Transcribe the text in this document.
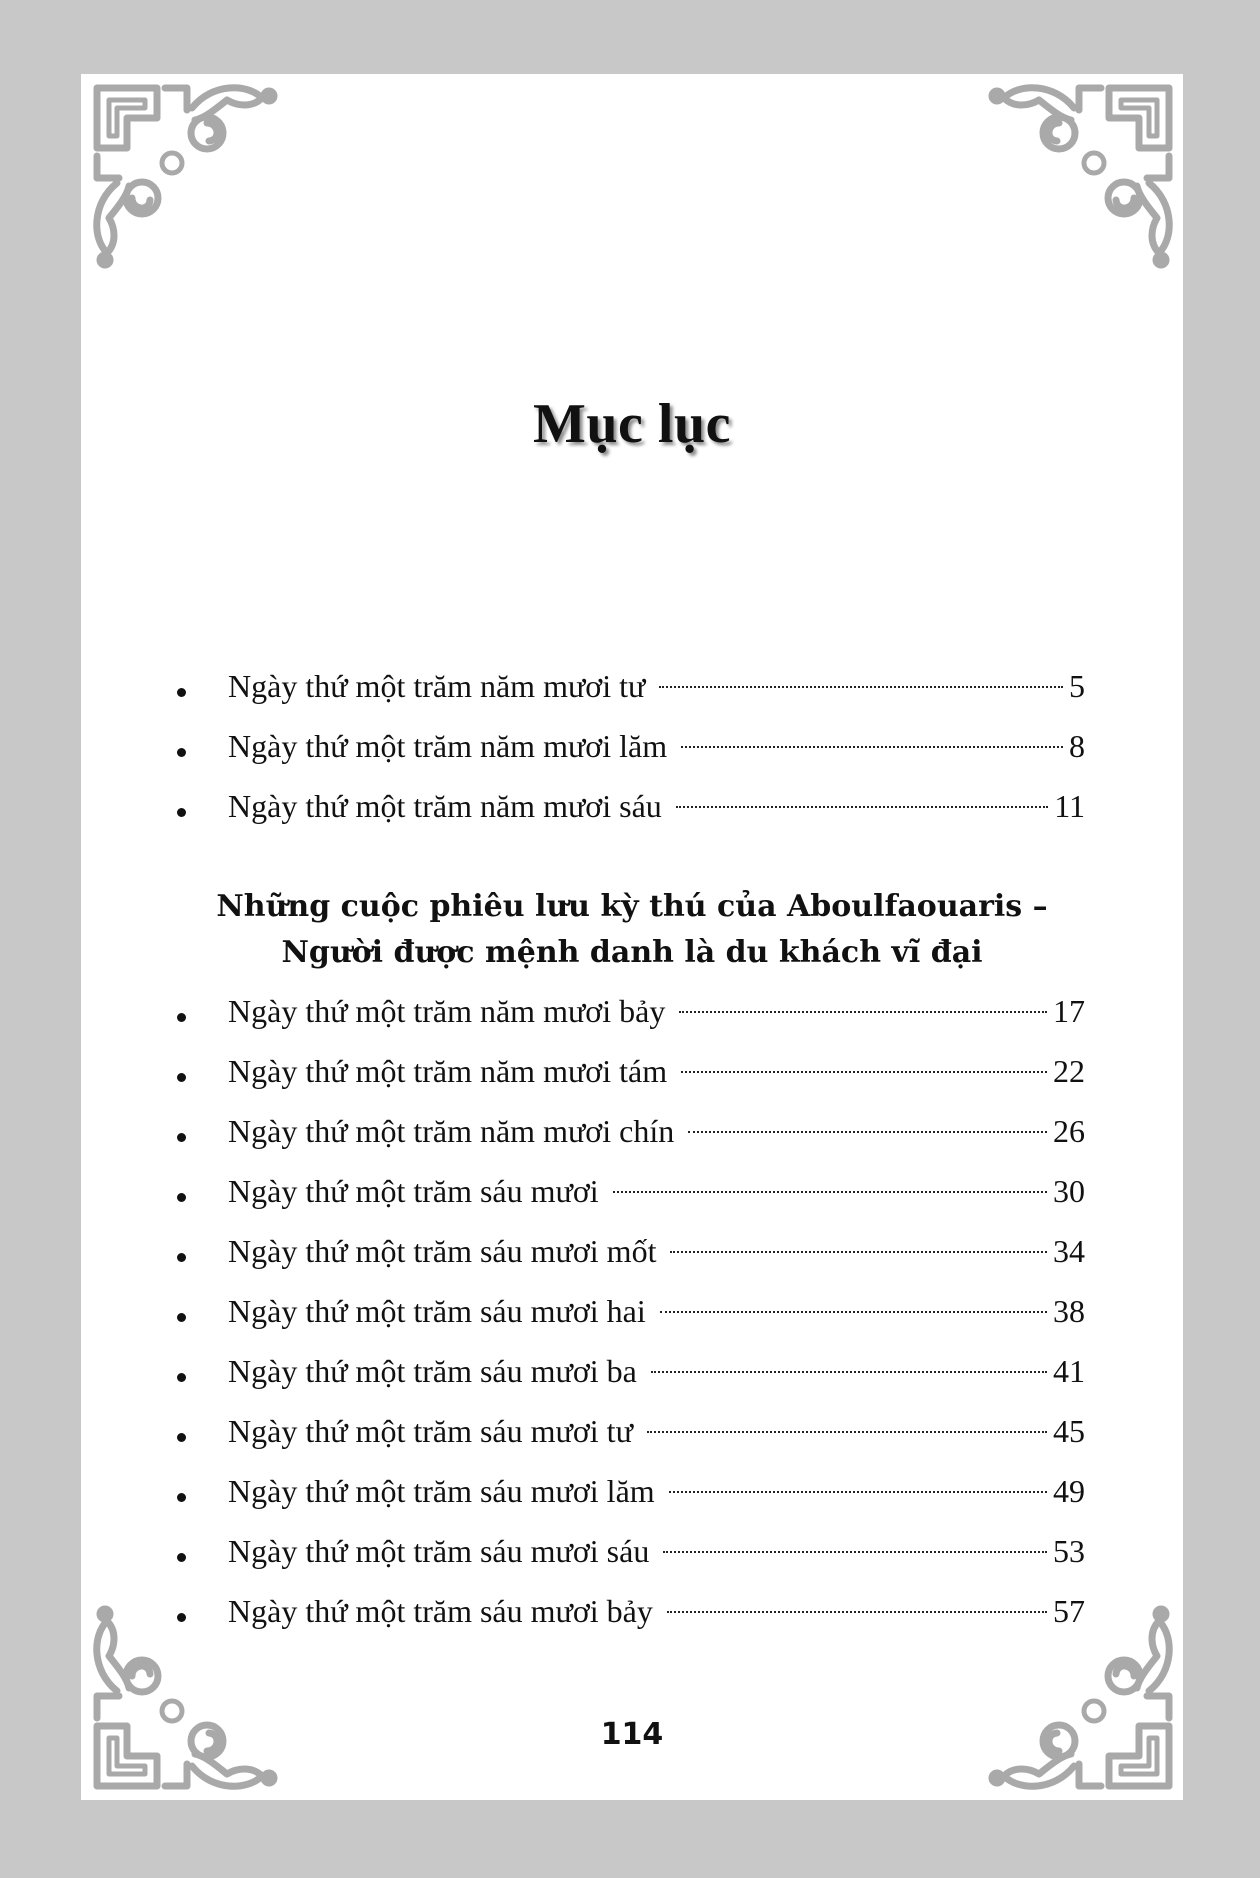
Mục lục
Ngày thứ một trăm năm mươi tư	5
Ngày thứ một trăm năm mươi lăm	8
Ngày thứ một trăm năm mươi sáu	11
Những cuộc phiêu lưu kỳ thú của Aboulfaouaris –
Người được mệnh danh là du khách vĩ đại
Ngày thứ một trăm năm mươi bảy	17
Ngày thứ một trăm năm mươi tám	22
Ngày thứ một trăm năm mươi chín	26
Ngày thứ một trăm sáu mươi	30
Ngày thứ một trăm sáu mươi mốt	34
Ngày thứ một trăm sáu mươi hai	38
Ngày thứ một trăm sáu mươi ba	41
Ngày thứ một trăm sáu mươi tư	45
Ngày thứ một trăm sáu mươi lăm	49
Ngày thứ một trăm sáu mươi sáu	53
Ngày thứ một trăm sáu mươi bảy	57
114
